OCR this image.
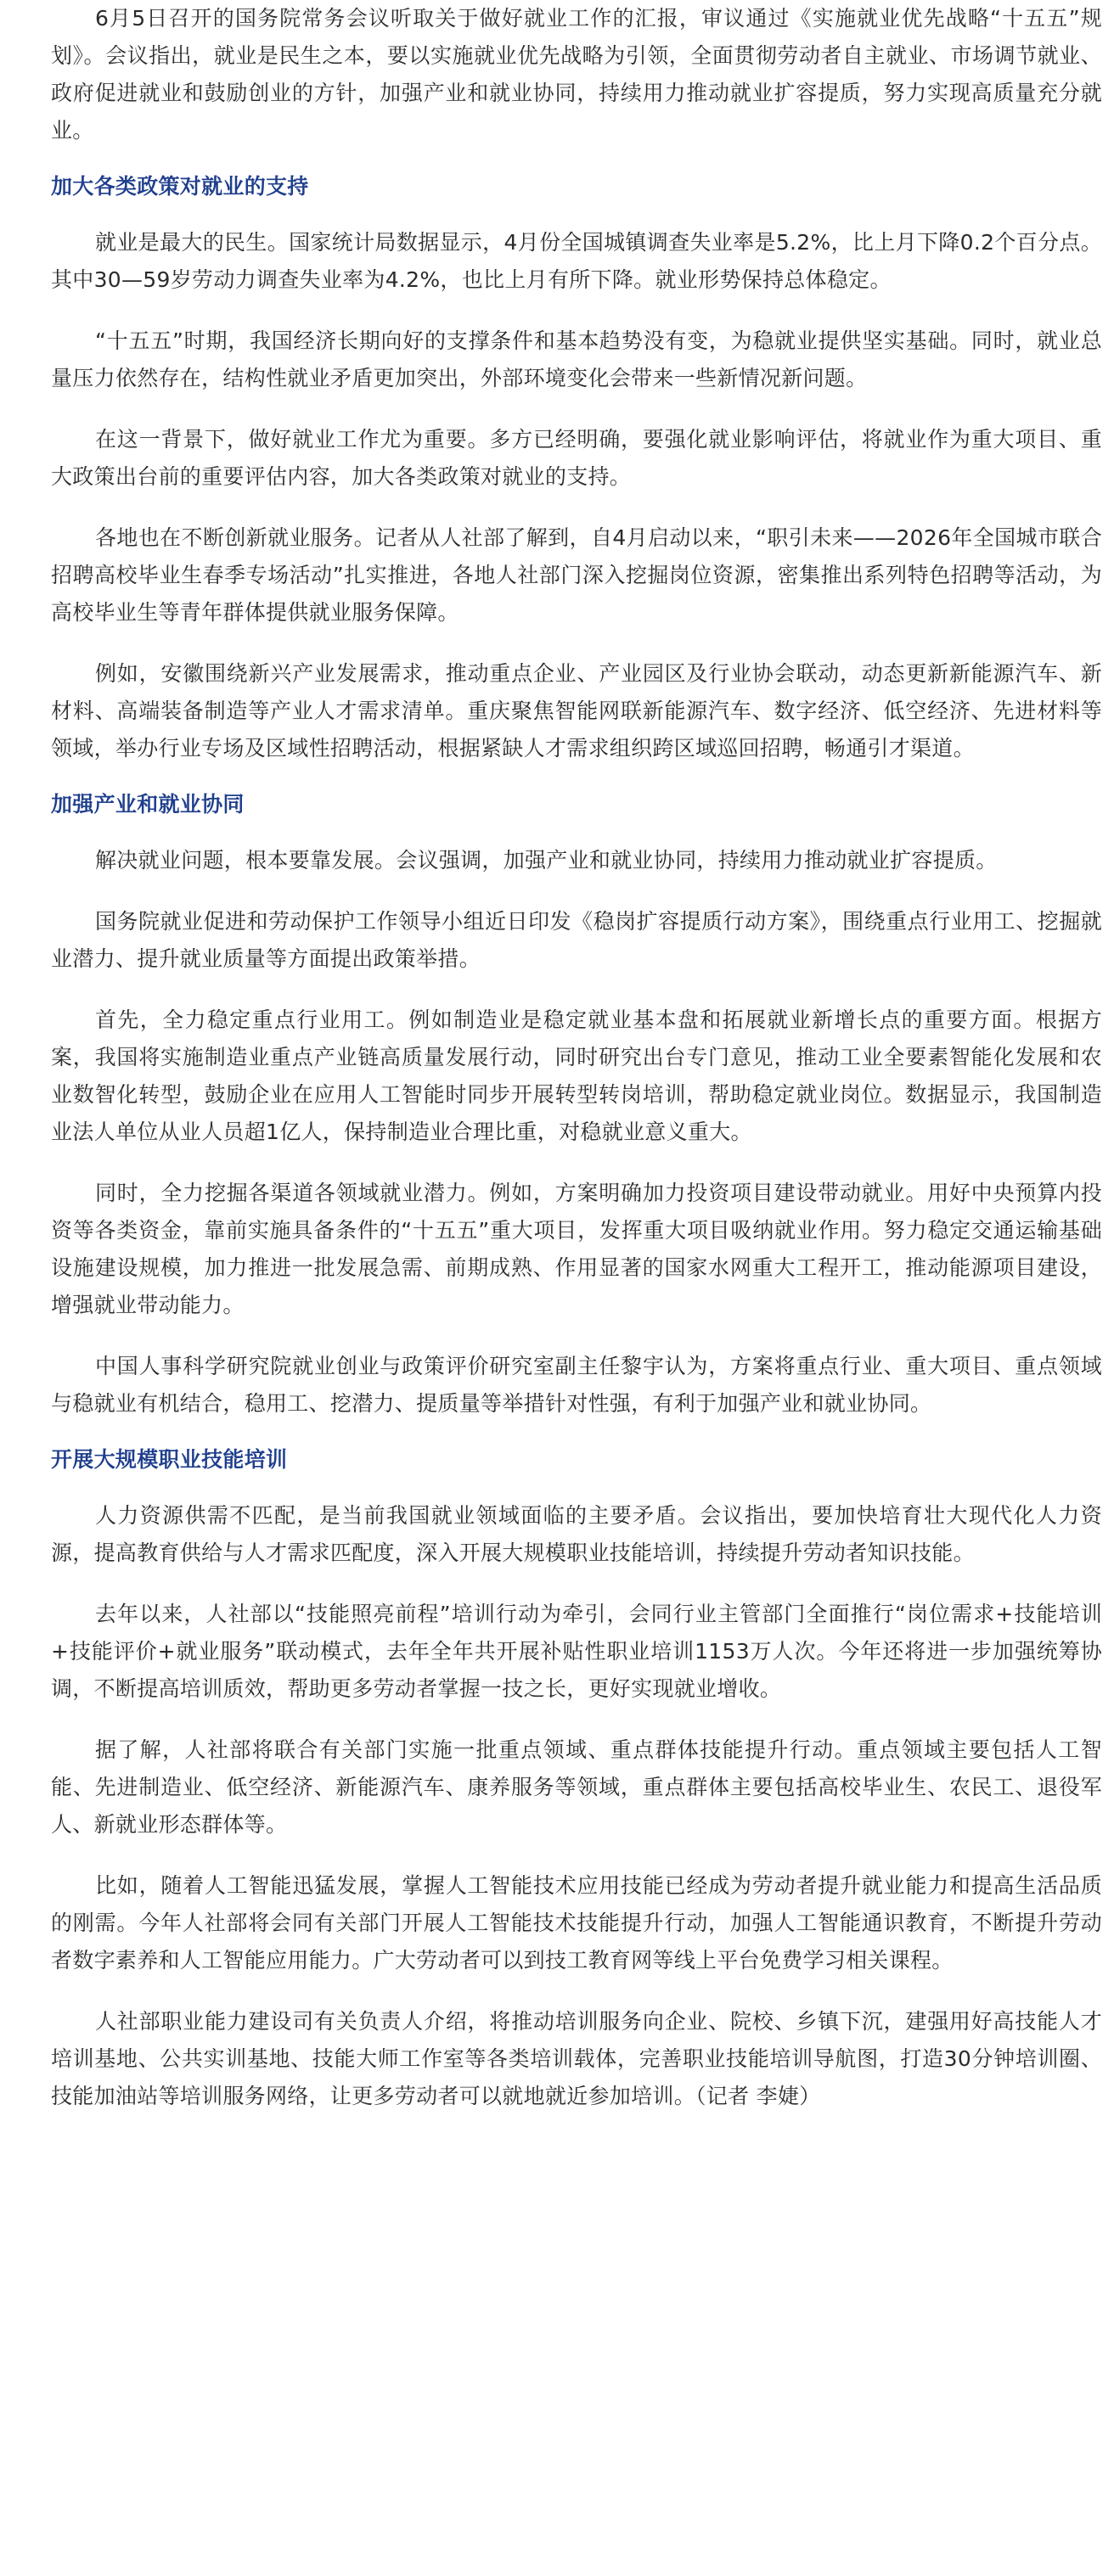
6月5日召开的国务院常务会议听取关于做好就业工作的汇报，审议通过《实施就业优先战略“十五五”规划》。会议指出，就业是民生之本，要以实施就业优先战略为引领，全面贯彻劳动者自主就业、市场调节就业、政府促进就业和鼓励创业的方针，加强产业和就业协同，持续用力推动就业扩容提质，努力实现高质量充分就业。

加大各类政策对就业的支持

就业是最大的民生。国家统计局数据显示，4月份全国城镇调查失业率是5.2%，比上月下降0.2个百分点。其中30—59岁劳动力调查失业率为4.2%，也比上月有所下降。就业形势保持总体稳定。

“十五五”时期，我国经济长期向好的支撑条件和基本趋势没有变，为稳就业提供坚实基础。同时，就业总量压力依然存在，结构性就业矛盾更加突出，外部环境变化会带来一些新情况新问题。

在这一背景下，做好就业工作尤为重要。多方已经明确，要强化就业影响评估，将就业作为重大项目、重大政策出台前的重要评估内容，加大各类政策对就业的支持。

各地也在不断创新就业服务。记者从人社部了解到，自4月启动以来，“职引未来——2026年全国城市联合招聘高校毕业生春季专场活动”扎实推进，各地人社部门深入挖掘岗位资源，密集推出系列特色招聘等活动，为高校毕业生等青年群体提供就业服务保障。

例如，安徽围绕新兴产业发展需求，推动重点企业、产业园区及行业协会联动，动态更新新能源汽车、新材料、高端装备制造等产业人才需求清单。重庆聚焦智能网联新能源汽车、数字经济、低空经济、先进材料等领域，举办行业专场及区域性招聘活动，根据紧缺人才需求组织跨区域巡回招聘，畅通引才渠道。

加强产业和就业协同

解决就业问题，根本要靠发展。会议强调，加强产业和就业协同，持续用力推动就业扩容提质。

国务院就业促进和劳动保护工作领导小组近日印发《稳岗扩容提质行动方案》，围绕重点行业用工、挖掘就业潜力、提升就业质量等方面提出政策举措。

首先，全力稳定重点行业用工。例如制造业是稳定就业基本盘和拓展就业新增长点的重要方面。根据方案，我国将实施制造业重点产业链高质量发展行动，同时研究出台专门意见，推动工业全要素智能化发展和农业数智化转型，鼓励企业在应用人工智能时同步开展转型转岗培训，帮助稳定就业岗位。数据显示，我国制造业法人单位从业人员超1亿人，保持制造业合理比重，对稳就业意义重大。

同时，全力挖掘各渠道各领域就业潜力。例如，方案明确加力投资项目建设带动就业。用好中央预算内投资等各类资金，靠前实施具备条件的“十五五”重大项目，发挥重大项目吸纳就业作用。努力稳定交通运输基础设施建设规模，加力推进一批发展急需、前期成熟、作用显著的国家水网重大工程开工，推动能源项目建设，增强就业带动能力。

中国人事科学研究院就业创业与政策评价研究室副主任黎宇认为，方案将重点行业、重大项目、重点领域与稳就业有机结合，稳用工、挖潜力、提质量等举措针对性强，有利于加强产业和就业协同。

开展大规模职业技能培训

人力资源供需不匹配，是当前我国就业领域面临的主要矛盾。会议指出，要加快培育壮大现代化人力资源，提高教育供给与人才需求匹配度，深入开展大规模职业技能培训，持续提升劳动者知识技能。

去年以来，人社部以“技能照亮前程”培训行动为牵引，会同行业主管部门全面推行“岗位需求+技能培训+技能评价+就业服务”联动模式，去年全年共开展补贴性职业培训1153万人次。今年还将进一步加强统筹协调，不断提高培训质效，帮助更多劳动者掌握一技之长，更好实现就业增收。

据了解，人社部将联合有关部门实施一批重点领域、重点群体技能提升行动。重点领域主要包括人工智能、先进制造业、低空经济、新能源汽车、康养服务等领域，重点群体主要包括高校毕业生、农民工、退役军人、新就业形态群体等。

比如，随着人工智能迅猛发展，掌握人工智能技术应用技能已经成为劳动者提升就业能力和提高生活品质的刚需。今年人社部将会同有关部门开展人工智能技术技能提升行动，加强人工智能通识教育，不断提升劳动者数字素养和人工智能应用能力。广大劳动者可以到技工教育网等线上平台免费学习相关课程。

人社部职业能力建设司有关负责人介绍，将推动培训服务向企业、院校、乡镇下沉，建强用好高技能人才培训基地、公共实训基地、技能大师工作室等各类培训载体，完善职业技能培训导航图，打造30分钟培训圈、技能加油站等培训服务网络，让更多劳动者可以就地就近参加培训。（记者 李婕）
